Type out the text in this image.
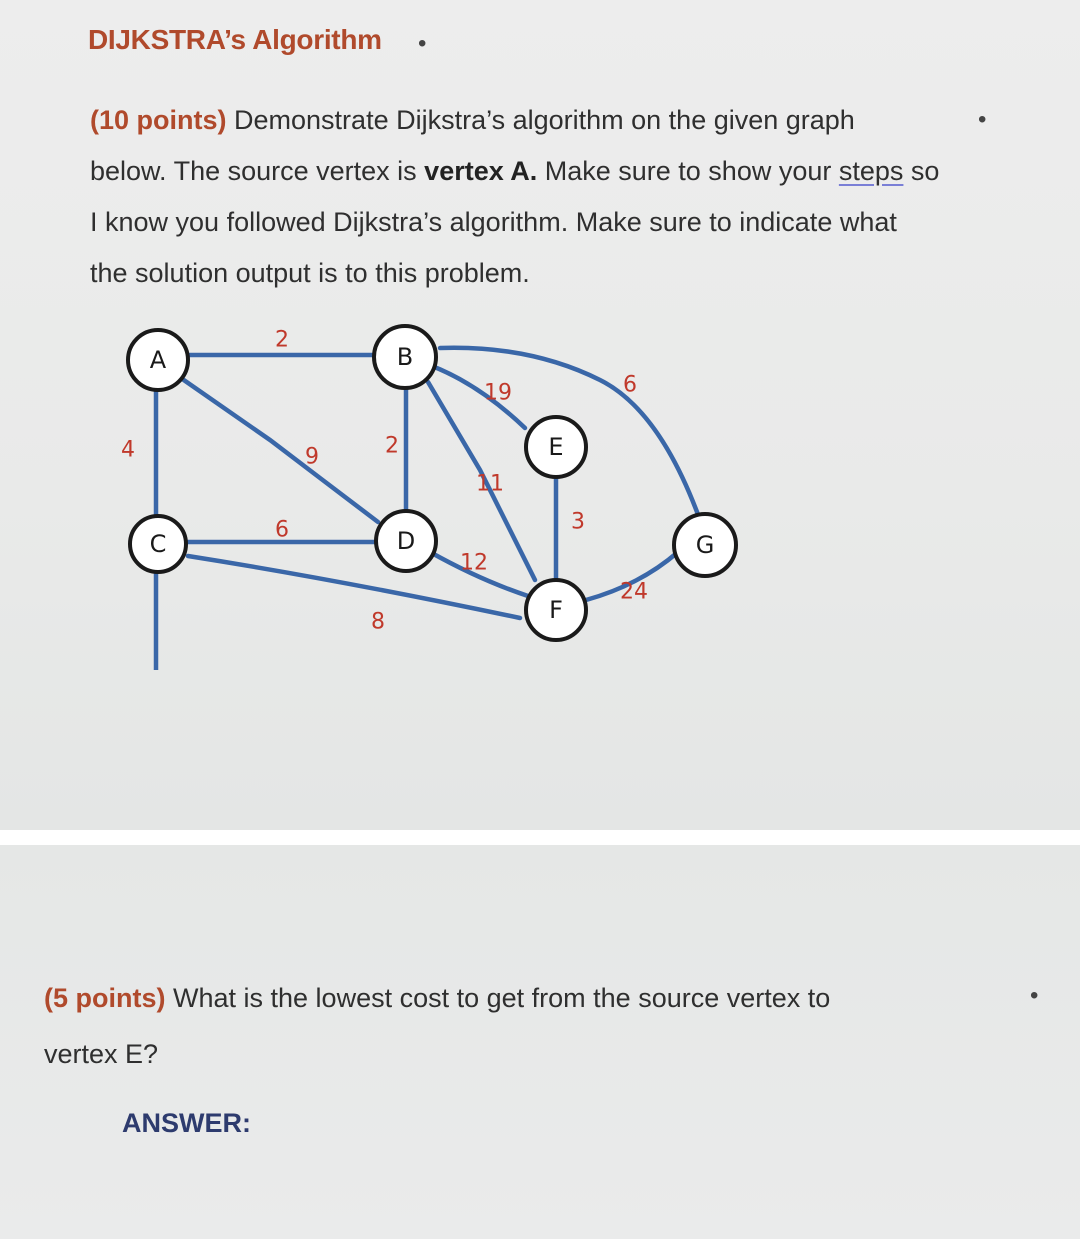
DIJKSTRA’s Algorithm •
(10 points) Demonstrate Dijkstra’s algorithm on the given graph
below. The source vertex is vertex A. Make sure to show your steps so
I know you followed Dijkstra’s algorithm. Make sure to indicate what
the solution output is to this problem.
•
A	B
C	D
E
F
G
2
4	9	2
19
11
6
6
8
12
3
24
(5 points) What is the lowest cost to get from the source vertex to
vertex E?
•
ANSWER:
